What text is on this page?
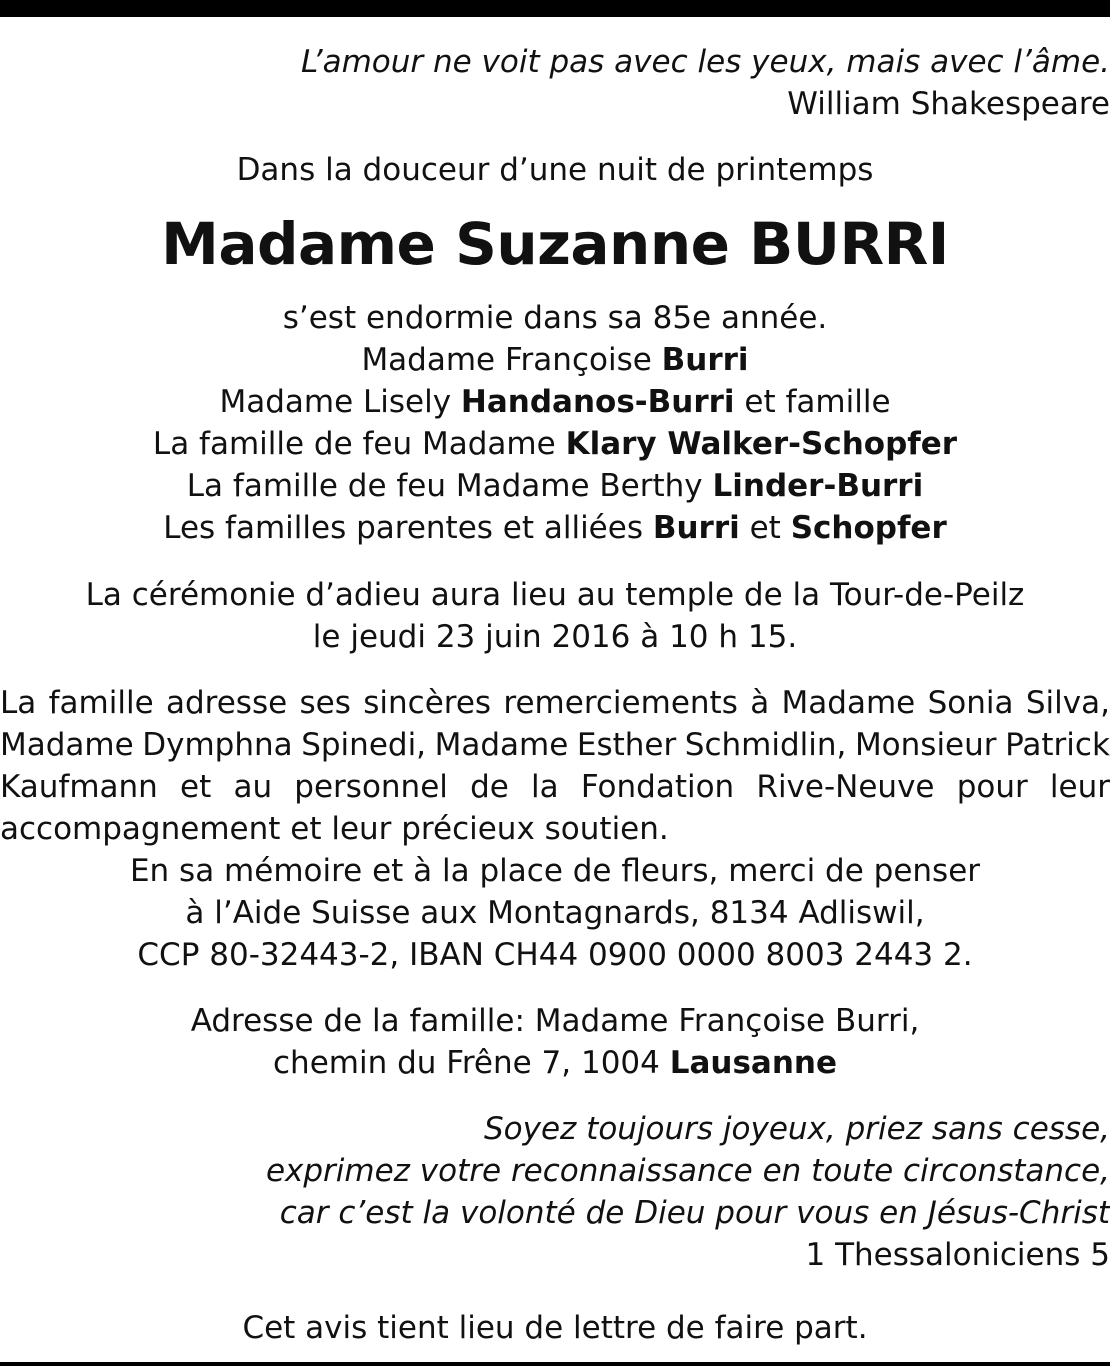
L’amour ne voit pas avec les yeux, mais avec l’âme.
William Shakespeare
Dans la douceur d’une nuit de printemps
Madame Suzanne BURRI
s’est endormie dans sa 85e année.
Madame Françoise Burri
Madame Lisely Handanos-Burri et famille
La famille de feu Madame Klary Walker-Schopfer
La famille de feu Madame Berthy Linder-Burri
Les familles parentes et alliées Burri et Schopfer
La cérémonie d’adieu aura lieu au temple de la Tour-de-Peilz
le jeudi 23 juin 2016 à 10 h 15.
La famille adresse ses sincères remerciements à Madame Sonia Silva,
Madame Dymphna Spinedi, Madame Esther Schmidlin, Monsieur Patrick
Kaufmann et au personnel de la Fondation Rive-Neuve pour leur
accompagnement et leur précieux soutien.
En sa mémoire et à la place de fleurs, merci de penser
à l’Aide Suisse aux Montagnards, 8134 Adliswil,
CCP 80-32443-2, IBAN CH44 0900 0000 8003 2443 2.
Adresse de la famille: Madame Françoise Burri,
chemin du Frêne 7, 1004 Lausanne
Soyez toujours joyeux, priez sans cesse,
exprimez votre reconnaissance en toute circonstance,
car c’est la volonté de Dieu pour vous en Jésus-Christ
1 Thessaloniciens 5
Cet avis tient lieu de lettre de faire part.
